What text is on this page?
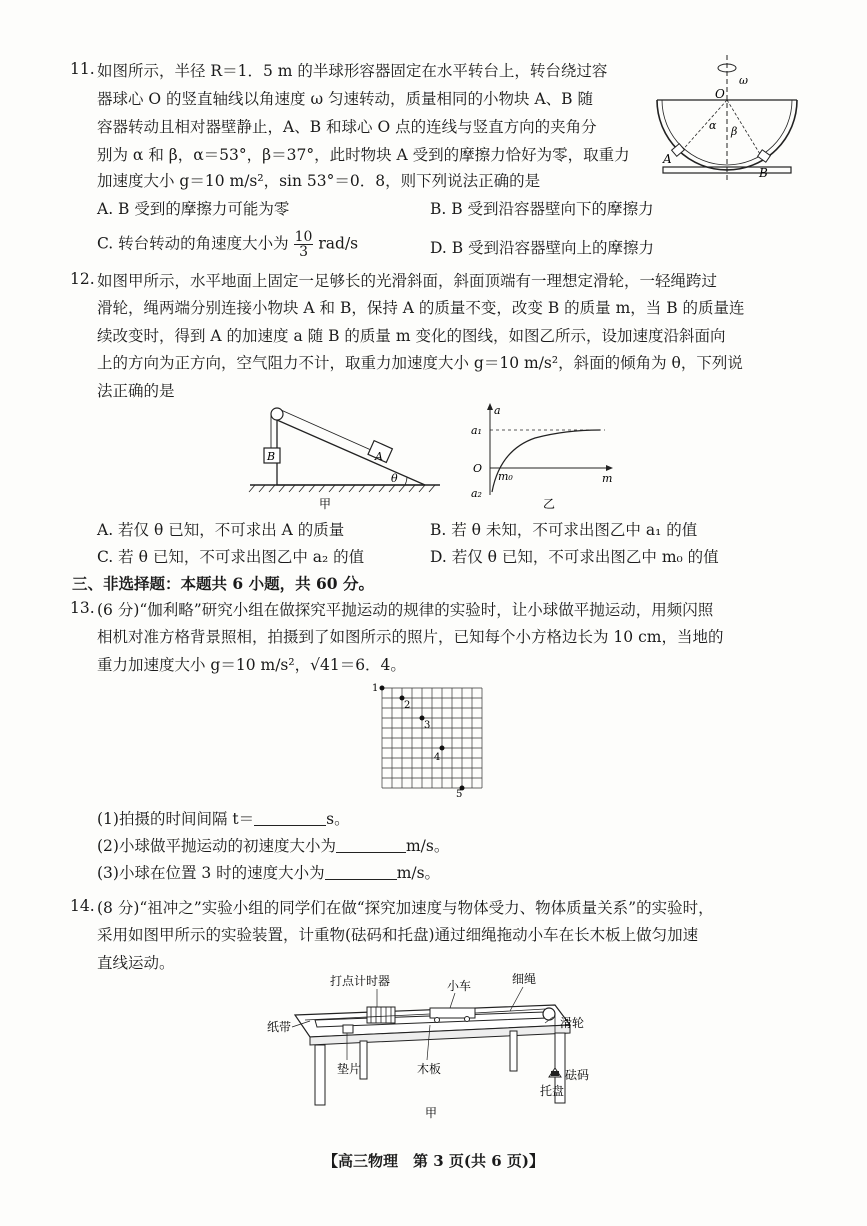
11. 如图所示，半径 R＝1．5 m 的半球形容器固定在水平转台上，转台绕过容
器球心 O 的竖直轴线以角速度 ω 匀速转动，质量相同的小物块 A、B 随
容器转动且相对器壁静止，A、B 和球心 O 点的连线与竖直方向的夹角分
别为 α 和 β，α＝53°，β＝37°，此时物块 A 受到的摩擦力恰好为零，取重力
加速度大小 g＝10 m/s²，sin 53°＝0．8，则下列说法正确的是
A. B 受到的摩擦力可能为零	B. B 受到沿容器壁向下的摩擦力
C. 转台转动的角速度大小为 $\frac{10}{3} rad/s$	D. B 受到沿容器壁向上的摩擦力
ω
O
α β
A
B
12. 如图甲所示，水平地面上固定一足够长的光滑斜面，斜面顶端有一理想定滑轮，一轻绳跨过
滑轮，绳两端分别连接小物块 A 和 B，保持 A 的质量不变，改变 B 的质量 m，当 B 的质量连
续改变时，得到 A 的加速度 a 随 B 的质量 m 变化的图线，如图乙所示，设加速度沿斜面向
上的方向为正方向，空气阻力不计，取重力加速度大小 g＝10 m/s²，斜面的倾角为 θ，下列说
法正确的是
B	A
θ
甲
a
a₁
O
a₂
m₀	m
乙
A. 若仅 θ 已知，不可求出 A 的质量	B. 若 θ 未知，不可求出图乙中 a₁ 的值
C. 若 θ 已知，不可求出图乙中 a₂ 的值	D. 若仅 θ 已知，不可求出图乙中 m₀ 的值
三、非选择题：本题共 6 小题，共 60 分。
13. (6 分)“伽利略”研究小组在做探究平抛运动的规律的实验时，让小球做平抛运动，用频闪照
相机对准方格背景照相，拍摄到了如图所示的照片，已知每个小方格边长为 10 cm，当地的
重力加速度大小 g＝10 m/s²，√41＝6．4。
1
2
3
4
5
(1)拍摄的时间间隔 t＝	s。
(2)小球做平抛运动的初速度大小为	m/s。
(3)小球在位置 3 时的速度大小为	m/s。
14. (8 分)“祖冲之”实验小组的同学们在做“探究加速度与物体受力、物体质量关系”的实验时，
采用如图甲所示的实验装置，计重物(砝码和托盘)通过细绳拖动小车在长木板上做匀加速
直线运动。
打点计时器	小车	细绳
纸带	滑轮
垫片	木板	砝码
托盘
甲
【高三物理　第 3 页(共 6 页)】
